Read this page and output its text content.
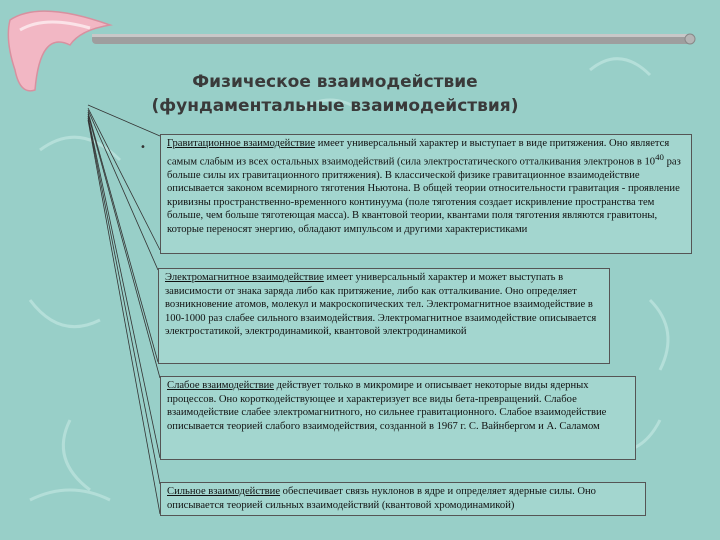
Физическое взаимодействие
(фундаментальные взаимодействия)
•	Гравитационное взаимодействие имеет универсальный характер и выступает в виде притяжения. Оно является самым слабым из всех остальных взаимодействий (сила электростатического отталкивания электронов в $10^{40}$ раз больше силы их гравитационного притяжения). В классической физике гравитационное взаимодействие описывается законом всемирного тяготения Ньютона. В общей теории относительности гравитация - проявление кривизны пространственно-временного континуума (поле тяготения создает искривление пространства тем больше, чем больше тяготеющая масса). В квантовой теории, квантами поля тяготения являются гравитоны, которые переносят энергию, обладают импульсом и другими характеристиками
Электромагнитное взаимодействие имеет универсальный характер и может выступать в зависимости от знака заряда либо как притяжение, либо как отталкивание. Оно определяет возникновение атомов, молекул и макроскопических тел. Электромагнитное взаимодействие в 100-1000 раз слабее сильного взаимодействия. Электромагнитное взаимодействие описывается электростатикой, электродинамикой, квантовой электродинамикой
Слабое взаимодействие действует только в микромире и описывает некоторые виды ядерных процессов. Оно короткодействующее и характеризует все виды бета-превращений. Слабое взаимодействие слабее электромагнитного, но сильнее гравитационного. Слабое взаимодействие описывается теорией слабого взаимодействия, созданной в 1967 г. С. Вайнбергом и А. Саламом
Сильное взаимодействие обеспечивает связь нуклонов в ядре и определяет ядерные силы. Оно описывается теорией сильных взаимодействий (квантовой хромодинамикой)
